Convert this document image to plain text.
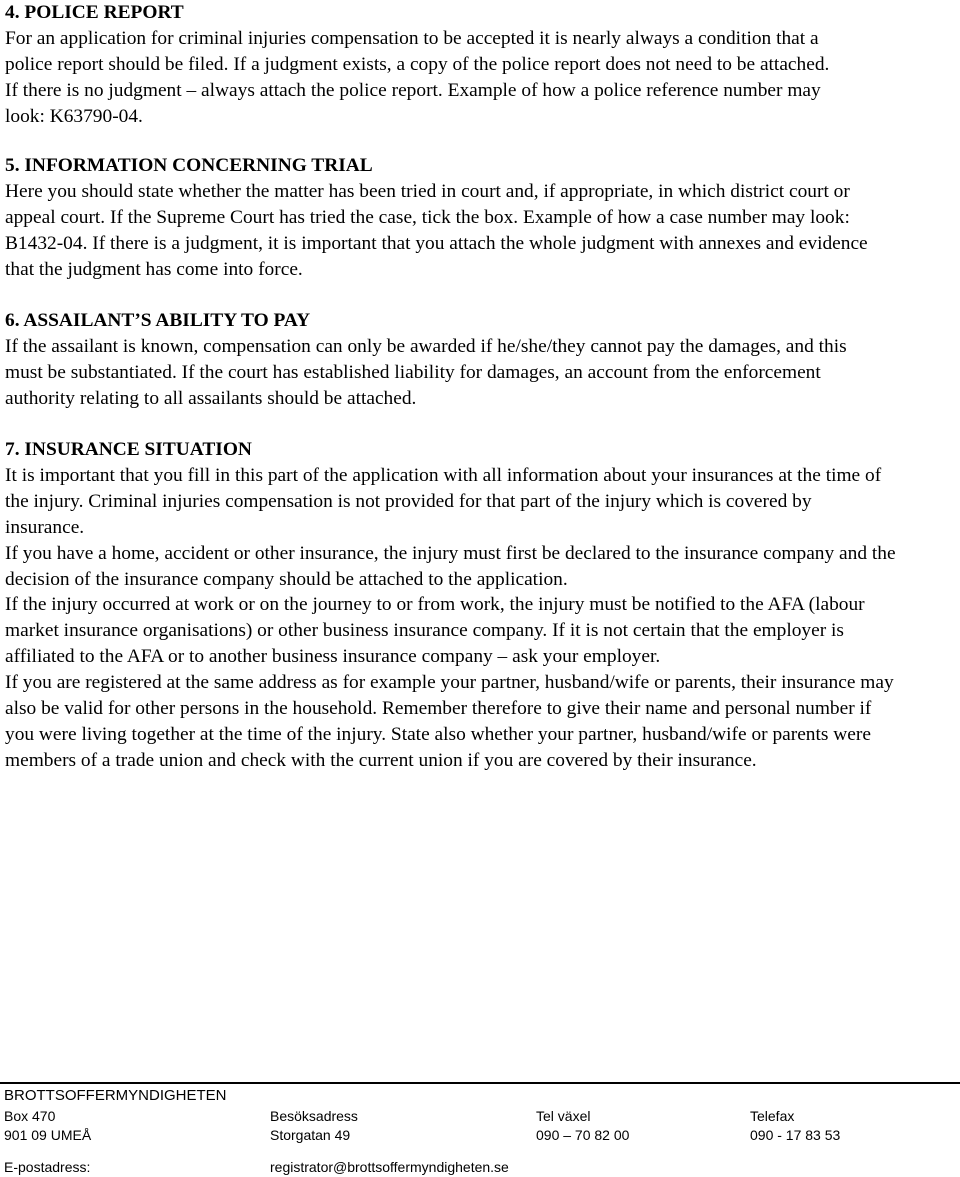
4. POLICE REPORT
For an application for criminal injuries compensation to be accepted it is nearly always a condition that a police report should be filed. If a judgment exists, a copy of the police report does not need to be attached. If there is no judgment – always attach the police report. Example of how a police reference number may look: K63790-04.
5. INFORMATION CONCERNING TRIAL
Here you should state whether the matter has been tried in court and, if appropriate, in which district court or appeal court. If the Supreme Court has tried the case, tick the box. Example of how a case number may look: B1432-04. If there is a judgment, it is important that you attach the whole judgment with annexes and evidence that the judgment has come into force.
6. ASSAILANT’S ABILITY TO PAY
If the assailant is known, compensation can only be awarded if he/she/they cannot pay the damages, and this must be substantiated. If the court has established liability for damages, an account from the enforcement authority relating to all assailants should be attached.
7. INSURANCE SITUATION
It is important that you fill in this part of the application with all information about your insurances at the time of the injury. Criminal injuries compensation is not provided for that part of the injury which is covered by insurance.
If you have a home, accident or other insurance, the injury must first be declared to the insurance company and the decision of the insurance company should be attached to the application.
If the injury occurred at work or on the journey to or from work, the injury must be notified to the AFA (labour market insurance organisations) or other business insurance company. If it is not certain that the employer is affiliated to the AFA or to another business insurance company – ask your employer.
If you are registered at the same address as for example your partner, husband/wife or parents, their insurance may also be valid for other persons in the household. Remember therefore to give their name and personal number if you were living together at the time of the injury. State also whether your partner, husband/wife or parents were members of a trade union and check with the current union if you are covered by their insurance.
BROTTSOFFERMYNDIGHETEN
Box 470
901 09 UMEÅ
Besöksadress
Storgatan 49
Tel växel
090 – 70 82 00
Telefax
090 - 17 83 53
E-postadress:	registrator@brottsoffermyndigheten.se
